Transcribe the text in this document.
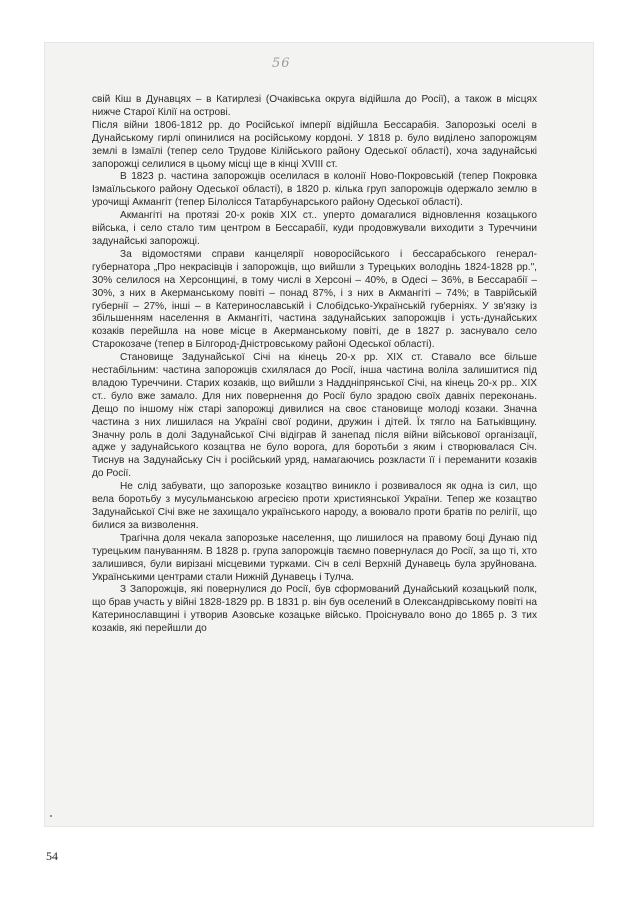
56

свій Кіш в Дунавцях – в Катирлезі (Очаківська округа відійшла до Росії), а також в місцях нижче Старої Кілії на острові.

Після війни 1806-1812 рр. до Російської імперії відійшла Бессарабія. Запорозькі оселі в Дунайському гирлі опинилися на російському кордоні. У 1818 р. було виділено запорожцям землі в Ізмаїлі (тепер село Трудове Кілійського району Одеської області), хоча задунайські запорожці селилися в цьому місці ще в кінці XVIII ст.

В 1823 р. частина запорожців оселилася в колонії Ново-Покровській (тепер Покровка Ізмаїльського району Одеської області), в 1820 р. кілька груп запорожців одержало землю в урочищі Акмангіт (тепер Білолісся Татарбунарського району Одеської області).

Акмангіті на протязі 20-х років ХІХ ст.. уперто домагалися відновлення козацького війська, і село стало тим центром в Бессарабії, куди продовжували виходити з Туреччини задунайські запорожці.

За відомостями справи канцелярії новоросійського і бессарабського генерал-губернатора „Про некрасівців і запорожців, що вийшли з Турецьких володінь 1824-1828 рр.", 30% селилося на Херсонщині, в тому числі в Херсоні – 40%, в Одесі – 36%, в Бессарабії – 30%, з них в Акерманському повіті – понад 87%, і з них в Акмангіті – 74%; в Таврійській губернії – 27%, інші – в Катеринославській і Слобідсько-Українській губерніях. У зв'язку із збільшенням населення в Акмангіті, частина задунайських запорожців і усть-дунайських козаків перейшла на нове місце в Акерманському повіті, де в 1827 р. заснувало село Старокозаче (тепер в Білгород-Дністровському районі Одеської області).

Становище Задунайської Січі на кінець 20-х рр. ХІХ ст. Ставало все більше нестабільним: частина запорожців схилялася до Росії, інша частина воліла залишитися під владою Туреччини. Старих козаків, що вийшли з Наддніпрянської Січі, на кінець 20-х рр.. ХІХ ст.. було вже замало. Для них повернення до Росії було зрадою своїх давніх переконань. Дещо по іншому ніж старі запорожці дивилися на своє становище молоді козаки. Значна частина з них лишилася на Україні свої родини, дружин і дітей. Їх тягло на Батьківщину. Значну роль в долі Задунайської Січі відіграв й занепад після війни військової організації, адже у задунайського козацтва не було ворога, для боротьби з яким і створювалася Січ. Тиснув на Задунайську Січ і російський уряд, намагаючись розкласти її і переманити козаків до Росії.

Не слід забувати, що запорозьке козацтво виникло і розвивалося як одна із сил, що вела боротьбу з мусульманською агресією проти християнської України. Тепер же козацтво Задунайської Січі вже не захищало українського народу, а воювало проти братів по релігії, що билися за визволення.

Трагічна доля чекала запорозьке населення, що лишилося на правому боці Дунаю під турецьким пануванням. В 1828 р. група запорожців таємно повернулася до Росії, за що ті, хто залишився, були вирізані місцевими турками. Січ в селі Верхній Дунавець була зруйнована. Українськими центрами стали Нижній Дунавець і Тулча.

З Запорожців, які повернулися до Росії, був сформований Дунайський козацький полк, що брав участь у війні 1828-1829 рр. В 1831 р. він був оселений в Олександрівському повіті на Катеринославщині і утворив Азовське козацьке військо. Проіснувало воно до 1865 р. З тих козаків, які перейшли до

54
